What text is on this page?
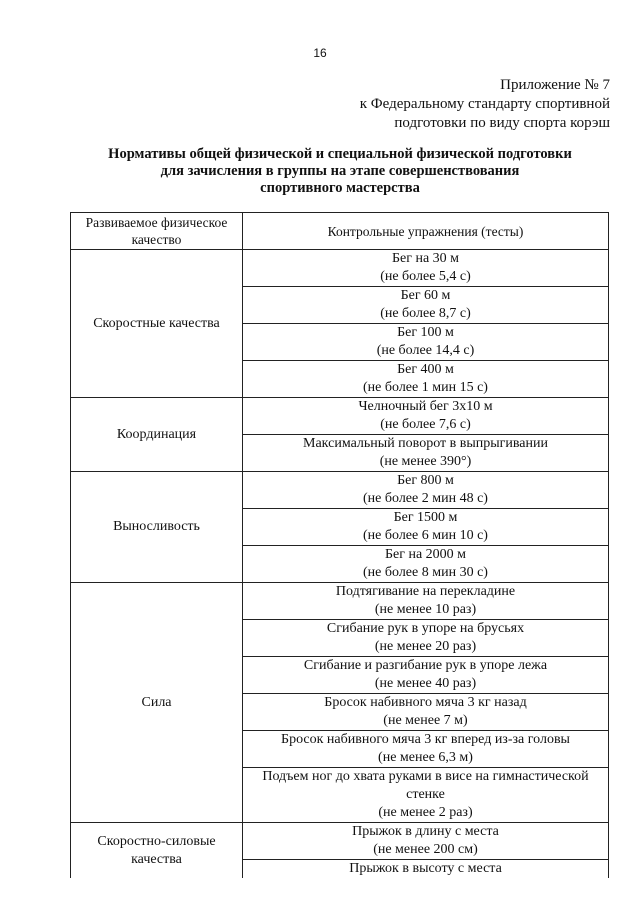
16
Приложение № 7
к Федеральному стандарту спортивной
подготовки по виду спорта корэш
Нормативы общей физической и специальной физической подготовки
для зачисления в группы на этапе совершенствования
спортивного мастерства
Развиваемое физическое качество	Контрольные упражнения (тесты)
Скоростные качества	Бег на 30 м
(не более 5,4 с)

	Бег 60 м
(не более 8,7 с)

	Бег 100 м
(не более 14,4 с)

	Бег 400 м
(не более 1 мин 15 с)

Координация	Челночный бег 3х10 м
(не более 7,6 с)

	Максимальный поворот в выпрыгивании
(не менее 390°)

Выносливость	Бег 800 м
(не более 2 мин 48 с)

	Бег 1500 м
(не более 6 мин 10 с)

	Бег на 2000 м
(не более 8 мин 30 с)

Сила	Подтягивание на перекладине
(не менее 10 раз)

	Сгибание рук в упоре на брусьях
(не менее 20 раз)

	Сгибание и разгибание рук в упоре лежа
(не менее 40 раз)

	Бросок набивного мяча 3 кг назад
(не менее 7 м)

	Бросок набивного мяча 3 кг вперед из-за головы
(не менее 6,3 м)

	Подъем ног до хвата руками в висе на гимнастической стенке
(не менее 2 раз)

Скоростно-силовые качества	Прыжок в длину с места
(не менее 200 см)

	Прыжок в высоту с места
